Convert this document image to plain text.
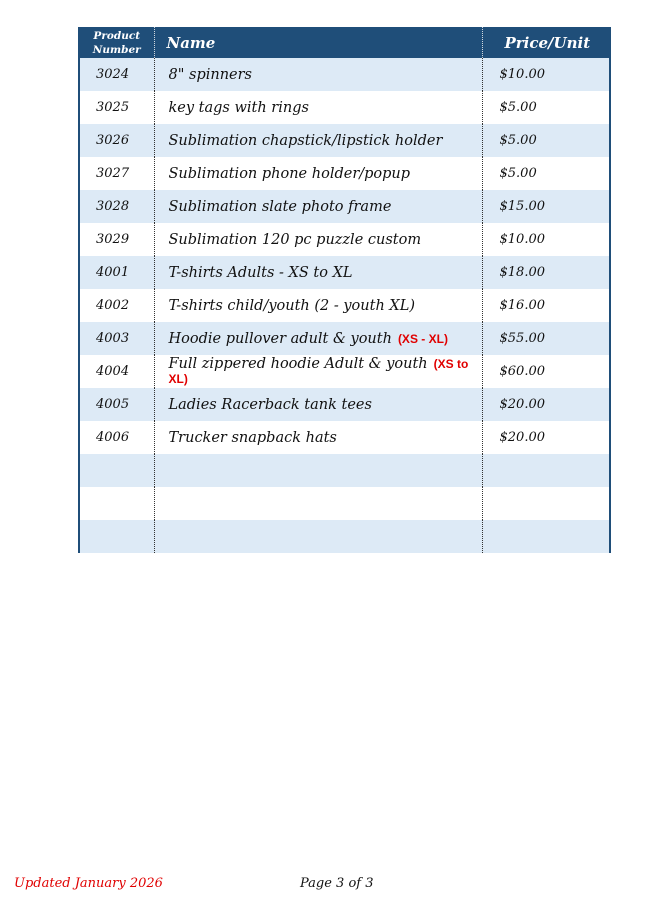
Product Number	Name	Price/Unit
3024	8" spinners	$10.00
3025	key tags with rings	$5.00
3026	Sublimation chapstick/lipstick holder	$5.00
3027	Sublimation phone holder/popup	$5.00
3028	Sublimation slate photo frame	$15.00
3029	Sublimation 120 pc puzzle custom	$10.00
4001	T-shirts Adults - XS to XL	$18.00
4002	T-shirts child/youth (2 - youth XL)	$16.00
4003	Hoodie pullover adult & youth (XS - XL)	$55.00
4004	Full zippered hoodie Adult & youth (XS to XL)	$60.00
4005	Ladies Racerback tank tees	$20.00
4006	Trucker snapback hats	$20.00

Updated January 2026	Page 3 of 3
